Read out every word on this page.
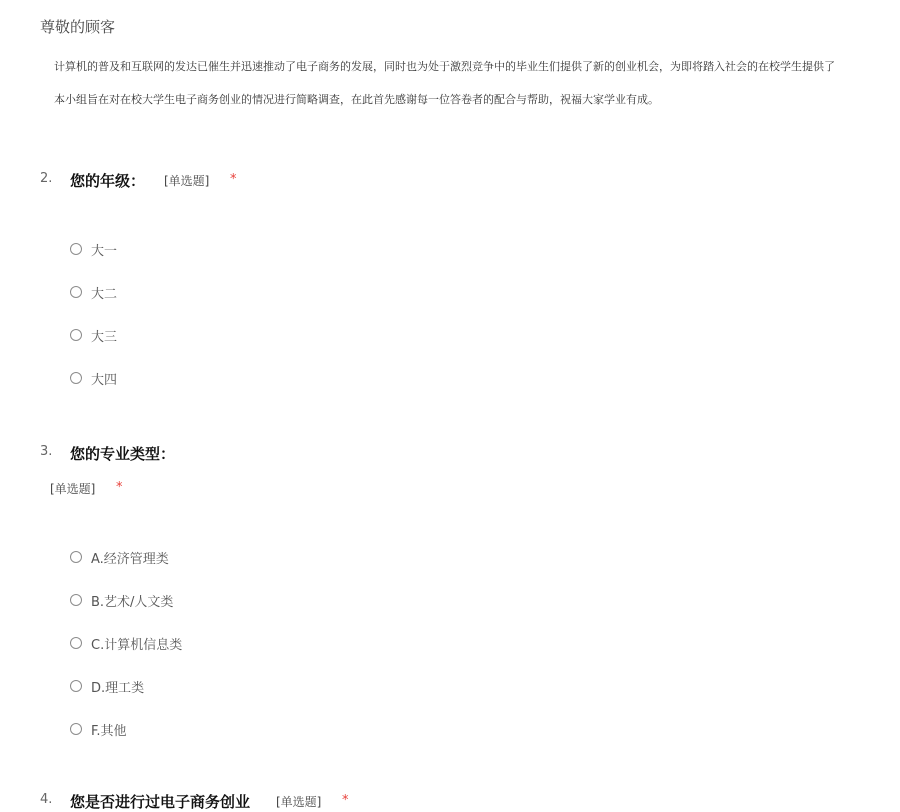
尊敬的顾客
计算机的普及和互联网的发达已催生并迅速推动了电子商务的发展，同时也为处于激烈竞争中的毕业生们提供了新的创业机会，为即将踏入社会的在校学生提供了
本小组旨在对在校大学生电子商务创业的情况进行简略调查，在此首先感谢每一位答卷者的配合与帮助，祝福大家学业有成。
2. 您的年级： [单选题] *
大一
大二
大三
大四
3. 您的专业类型：
[单选题] *
A.经济管理类
B.艺术/人文类
C.计算机信息类
D.理工类
F.其他
4. 您是否进行过电子商务创业 [单选题] *
